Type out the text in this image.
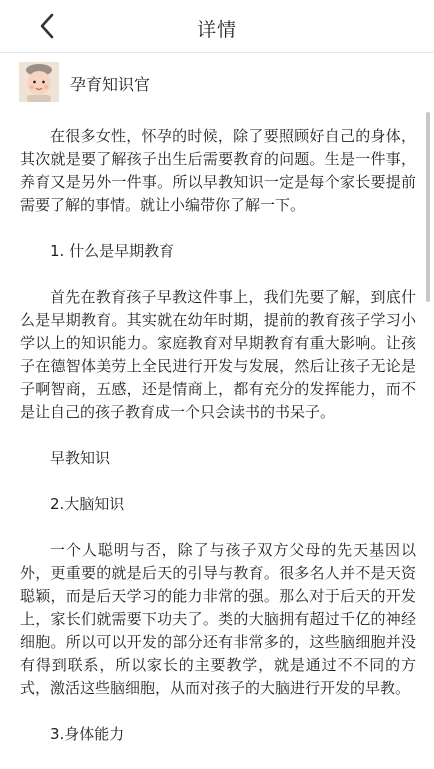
详情
孕育知识官

在很多女性，怀孕的时候，除了要照顾好自己的身体，其次就是要了解孩子出生后需要教育的问题。生是一件事，养育又是另外一件事。所以早教知识一定是每个家长要提前需要了解的事情。就让小编带你了解一下。

1. 什么是早期教育

首先在教育孩子早教这件事上，我们先要了解，到底什么是早期教育。其实就在幼年时期，提前的教育孩子学习小学以上的知识能力。家庭教育对早期教育有重大影响。让孩子在德智体美劳上全民进行开发与发展，然后让孩子无论是子啊智商，五感，还是情商上，都有充分的发挥能力，而不是让自己的孩子教育成一个只会读书的书呆子。

早教知识

2.大脑知识

一个人聪明与否，除了与孩子双方父母的先天基因以外，更重要的就是后天的引导与教育。很多名人并不是天资聪颖，而是后天学习的能力非常的强。那么对于后天的开发上，家长们就需要下功夫了。类的大脑拥有超过千亿的神经细胞。所以可以开发的部分还有非常多的，这些脑细胞并没有得到联系，所以家长的主要教学，就是通过不不同的方式，激活这些脑细胞，从而对孩子的大脑进行开发的早教。

3.身体能力
